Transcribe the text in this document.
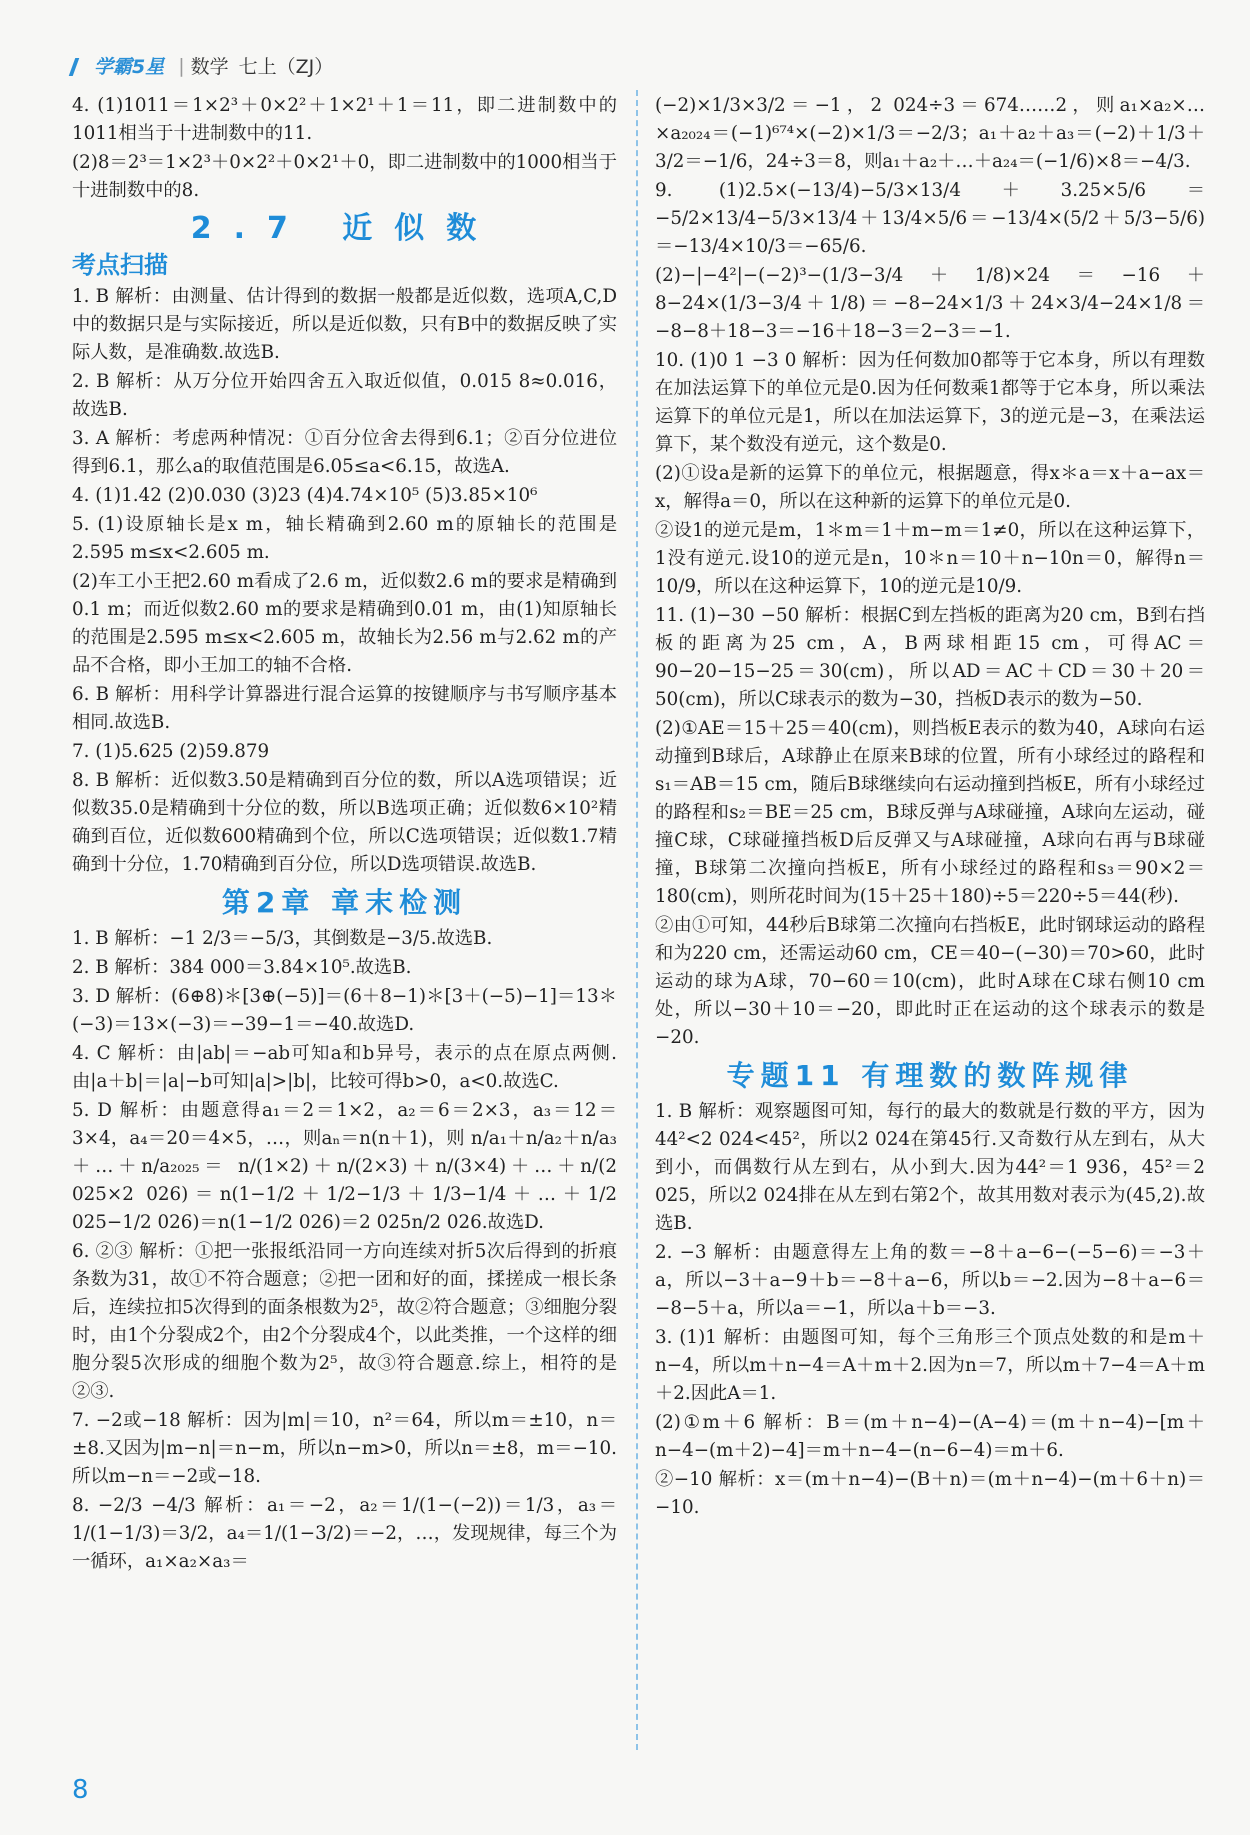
学霸5星 | 数学 七上（ZJ）
4. (1)1011＝1×2³＋0×2²＋1×2¹＋1＝11，即二进制数中的1011相当于十进制数中的11.
(2)8＝2³＝1×2³＋0×2²＋0×2¹＋0，即二进制数中的1000相当于十进制数中的8.
2.7 近似数
考点扫描
1. B 解析：由测量、估计得到的数据一般都是近似数，选项A,C,D中的数据只是与实际接近，所以是近似数，只有B中的数据反映了实际人数，是准确数.故选B.
2. B 解析：从万分位开始四舍五入取近似值，0.015 8≈0.016，故选B.
3. A 解析：考虑两种情况：①百分位舍去得到6.1；②百分位进位得到6.1，那么a的取值范围是6.05≤a<6.15，故选A.
4. (1)1.42 (2)0.030 (3)23 (4)4.74×10⁵ (5)3.85×10⁶
5. (1)设原轴长是x m，轴长精确到2.60 m的原轴长的范围是2.595 m≤x<2.605 m.
(2)车工小王把2.60 m看成了2.6 m，近似数2.6 m的要求是精确到0.1 m；而近似数2.60 m的要求是精确到0.01 m，由(1)知原轴长的范围是2.595 m≤x<2.605 m，故轴长为2.56 m与2.62 m的产品不合格，即小王加工的轴不合格.
6. B 解析：用科学计算器进行混合运算的按键顺序与书写顺序基本相同.故选B.
7. (1)5.625 (2)59.879
8. B 解析：近似数3.50是精确到百分位的数，所以A选项错误；近似数35.0是精确到十分位的数，所以B选项正确；近似数6×10²精确到百位，近似数600精确到个位，所以C选项错误；近似数1.7精确到十分位，1.70精确到百分位，所以D选项错误.故选B.
第2章 章末检测
1. B 解析：−1 2/3＝−5/3，其倒数是−3/5.故选B.
2. B 解析：384 000＝3.84×10⁵.故选B.
3. D 解析：(6⊕8)＊[3⊕(−5)]＝(6＋8−1)＊[3＋(−5)−1]＝13＊(−3)＝13×(−3)＝−39−1＝−40.故选D.
4. C 解析：由|ab|＝−ab可知a和b异号，表示的点在原点两侧.由|a＋b|＝|a|−b可知|a|>|b|，比较可得b>0，a<0.故选C.
5. D 解析：由题意得a₁＝2＝1×2，a₂＝6＝2×3，a₃＝12＝3×4，a₄＝20＝4×5，…，则aₙ＝n(n＋1)，则 n/a₁＋n/a₂＋n/a₃＋…＋n/a₂₀₂₅＝ n/(1×2)＋n/(2×3)＋n/(3×4)＋…＋n/(2 025×2 026)＝n(1−1/2＋1/2−1/3＋1/3−1/4＋…＋1/2 025−1/2 026)＝n(1−1/2 026)＝2 025n/2 026.故选D.
6. ②③ 解析：①把一张报纸沿同一方向连续对折5次后得到的折痕条数为31，故①不符合题意；②把一团和好的面，揉搓成一根长条后，连续拉扣5次得到的面条根数为2⁵，故②符合题意；③细胞分裂时，由1个分裂成2个，由2个分裂成4个，以此类推，一个这样的细胞分裂5次形成的细胞个数为2⁵，故③符合题意.综上，相符的是②③.
7. −2或−18 解析：因为|m|＝10，n²＝64，所以m＝±10，n＝±8.又因为|m−n|＝n−m，所以n−m>0，所以n＝±8，m＝−10.所以m−n＝−2或−18.
8. −2/3 −4/3 解析：a₁＝−2，a₂＝1/(1−(−2))＝1/3，a₃＝1/(1−1/3)＝3/2，a₄＝1/(1−3/2)＝−2，…，发现规律，每三个为一循环，a₁×a₂×a₃＝
(−2)×1/3×3/2＝−1，2 024÷3＝674……2，则a₁×a₂×…×a₂₀₂₄＝(−1)⁶⁷⁴×(−2)×1/3＝−2/3；a₁＋a₂＋a₃＝(−2)＋1/3＋3/2＝−1/6，24÷3＝8，则a₁＋a₂＋…＋a₂₄＝(−1/6)×8＝−4/3.
9. (1)2.5×(−13/4)−5/3×13/4＋3.25×5/6＝−5/2×13/4−5/3×13/4＋13/4×5/6＝−13/4×(5/2＋5/3−5/6)＝−13/4×10/3＝−65/6.
(2)−|−4²|−(−2)³−(1/3−3/4＋1/8)×24＝−16＋8−24×(1/3−3/4＋1/8)＝−8−24×1/3＋24×3/4−24×1/8＝−8−8＋18−3＝−16＋18−3＝2−3＝−1.
10. (1)0 1 −3 0 解析：因为任何数加0都等于它本身，所以有理数在加法运算下的单位元是0.因为任何数乘1都等于它本身，所以乘法运算下的单位元是1，所以在加法运算下，3的逆元是−3，在乘法运算下，某个数没有逆元，这个数是0.
(2)①设a是新的运算下的单位元，根据题意，得x＊a＝x＋a−ax＝x，解得a＝0，所以在这种新的运算下的单位元是0.
②设1的逆元是m，1＊m＝1＋m−m＝1≠0，所以在这种运算下，1没有逆元.设10的逆元是n，10＊n＝10＋n−10n＝0，解得n＝10/9，所以在这种运算下，10的逆元是10/9.
11. (1)−30 −50 解析：根据C到左挡板的距离为20 cm，B到右挡板的距离为25 cm，A，B两球相距15 cm，可得AC＝90−20−15−25＝30(cm)，所以AD＝AC＋CD＝30＋20＝50(cm)，所以C球表示的数为−30，挡板D表示的数为−50.
(2)①AE＝15＋25＝40(cm)，则挡板E表示的数为40，A球向右运动撞到B球后，A球静止在原来B球的位置，所有小球经过的路程和s₁＝AB＝15 cm，随后B球继续向右运动撞到挡板E，所有小球经过的路程和s₂＝BE＝25 cm，B球反弹与A球碰撞，A球向左运动，碰撞C球，C球碰撞挡板D后反弹又与A球碰撞，A球向右再与B球碰撞，B球第二次撞向挡板E，所有小球经过的路程和s₃＝90×2＝180(cm)，则所花时间为(15＋25＋180)÷5＝220÷5＝44(秒).
②由①可知，44秒后B球第二次撞向右挡板E，此时钢球运动的路程和为220 cm，还需运动60 cm，CE＝40−(−30)＝70>60，此时运动的球为A球，70−60＝10(cm)，此时A球在C球右侧10 cm处，所以−30＋10＝−20，即此时正在运动的这个球表示的数是−20.
专题11 有理数的数阵规律
1. B 解析：观察题图可知，每行的最大的数就是行数的平方，因为44²<2 024<45²，所以2 024在第45行.又奇数行从左到右，从大到小，而偶数行从左到右，从小到大.因为44²＝1 936，45²＝2 025，所以2 024排在从左到右第2个，故其用数对表示为(45,2).故选B.
2. −3 解析：由题意得左上角的数＝−8＋a−6−(−5−6)＝−3＋a，所以−3＋a−9＋b＝−8＋a−6，所以b＝−2.因为−8＋a−6＝−8−5＋a，所以a＝−1，所以a＋b＝−3.
3. (1)1 解析：由题图可知，每个三角形三个顶点处数的和是m＋n−4，所以m＋n−4＝A＋m＋2.因为n＝7，所以m＋7−4＝A＋m＋2.因此A＝1.
(2)①m＋6 解析：B＝(m＋n−4)−(A−4)＝(m＋n−4)−[m＋n−4−(m＋2)−4]＝m＋n−4−(n−6−4)＝m＋6.
②−10 解析：x＝(m＋n−4)−(B＋n)＝(m＋n−4)−(m＋6＋n)＝−10.
8
